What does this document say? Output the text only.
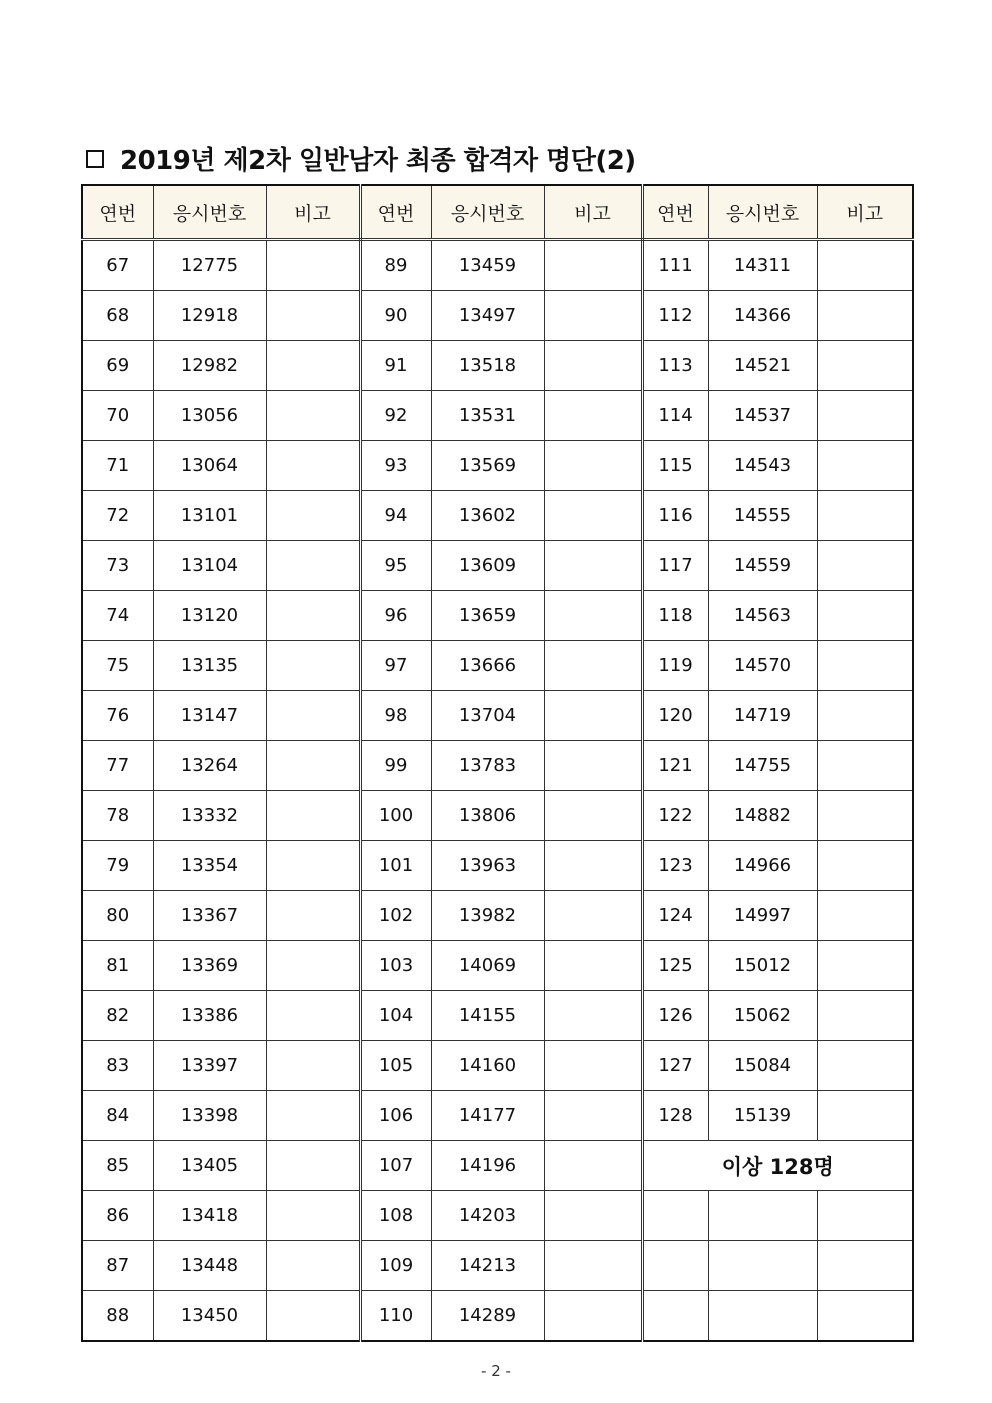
2019년 제2차 일반남자 최종 합격자 명단(2)
연번	응시번호	비고	연번	응시번호	비고	연번	응시번호	비고
67	12775		89	13459		111	14311	
68	12918		90	13497		112	14366	
69	12982		91	13518		113	14521	
70	13056		92	13531		114	14537	
71	13064		93	13569		115	14543	
72	13101		94	13602		116	14555	
73	13104		95	13609		117	14559	
74	13120		96	13659		118	14563	
75	13135		97	13666		119	14570	
76	13147		98	13704		120	14719	
77	13264		99	13783		121	14755	
78	13332		100	13806		122	14882	
79	13354		101	13963		123	14966	
80	13367		102	13982		124	14997	
81	13369		103	14069		125	15012	
82	13386		104	14155		126	15062	
83	13397		105	14160		127	15084	
84	13398		106	14177		128	15139	
85	13405		107	14196		이상 128명		
86	13418		108	14203				
87	13448		109	14213				
88	13450		110	14289				
- 2 -
